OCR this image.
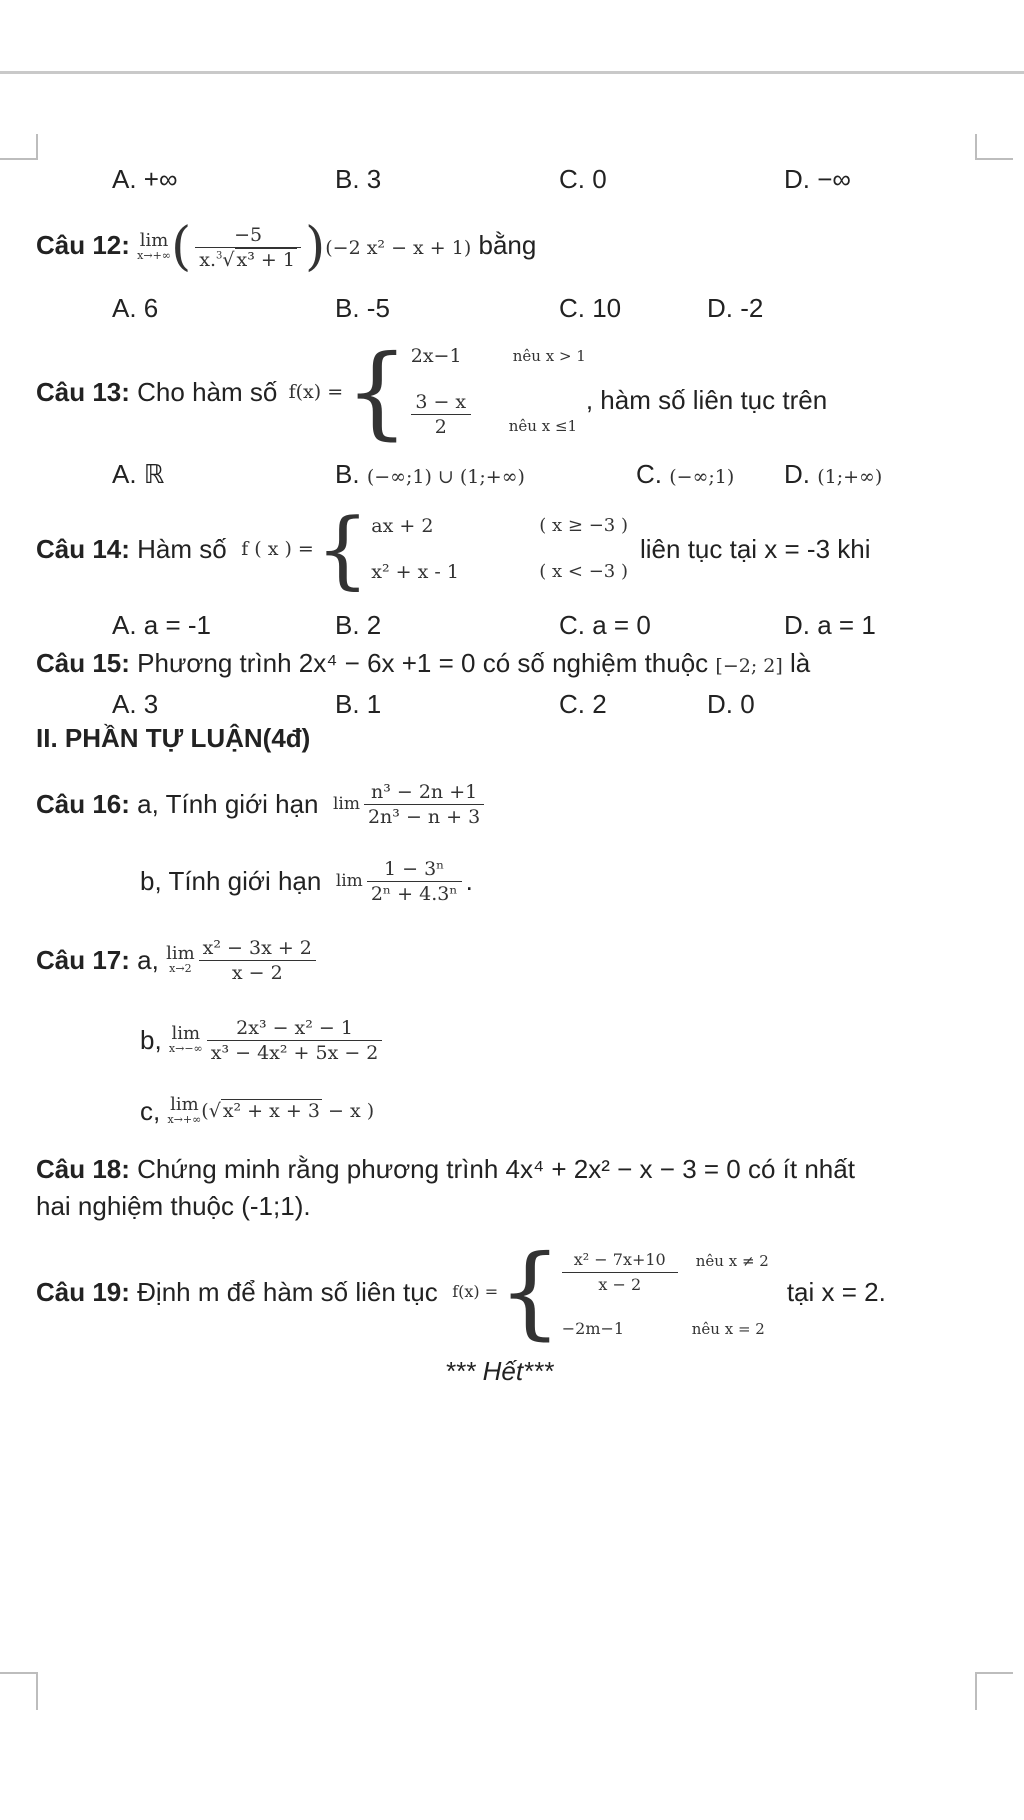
A. +∞	B. 3	C. 0	D. −∞
Câu 12: lim
x→+∞ ( $\frac{-5}{x.^3√ x^3 + 1} )(-2$ x² − x + 1) bằng
A. 6	B. -5	C. 10	D. -2
Câu 13:
Cho hàm số
f(x) = { 2x−1	nêu x > 1
$\frac{3 - x}{2}$	nêu x ≤1
, hàm số liên tục trên
A. ℝ	B. (−∞;1) ∪ (1;+∞)	C. (−∞;1) D. (1;+∞)
Câu 14:
Hàm số
f ( x ) = { ax + 2	( x ≥ −3 )
x² + x - 1	( x < −3 )
liên tục tại x = -3 khi
A. a = -1	B. 2	C. a = 0	D. a = 1
Câu 15: Phương trình 2x⁴ − 6x +1 = 0 có số nghiệm thuộc [−2; 2] là
A. 3	B. 1	C. 2	D. 0
II. PHẦN TỰ LUẬN(4đ)
Câu 16:
a, Tính giới hạn
$\lim \frac{\text{n³ − 2n +1}}{\text{2n³ − n + 3}}$
b, Tính giới hạn
$\lim \frac{\text{1 − 3ⁿ}}{\text{2ⁿ + 4.3ⁿ}}$ .
Câu 17:
a,
lim
$x\to 2 \frac{\text{x² − 3x + 2}}{x - 2}$
b,
lim
$x\to-\infty \frac{\text{2x³ − x² − 1}}{\text{x³ − 4x² + 5x − 2}}$
c,
lim
x→+∞ (√ x² + x + 3 − x )
Câu 18: Chứng minh rằng phương trình 4x⁴ + 2x² − x − 3 = 0 có ít nhất
hai nghiệm thuộc (-1;1).
Câu 19:
Định m để hàm số liên tục
f(x) = { $\frac{\text{x² − 7x+10}}{x - 2}$ nêu x ≠ 2
−2m−1	nêu x = 2
tại x = 2.
*** Hết***
